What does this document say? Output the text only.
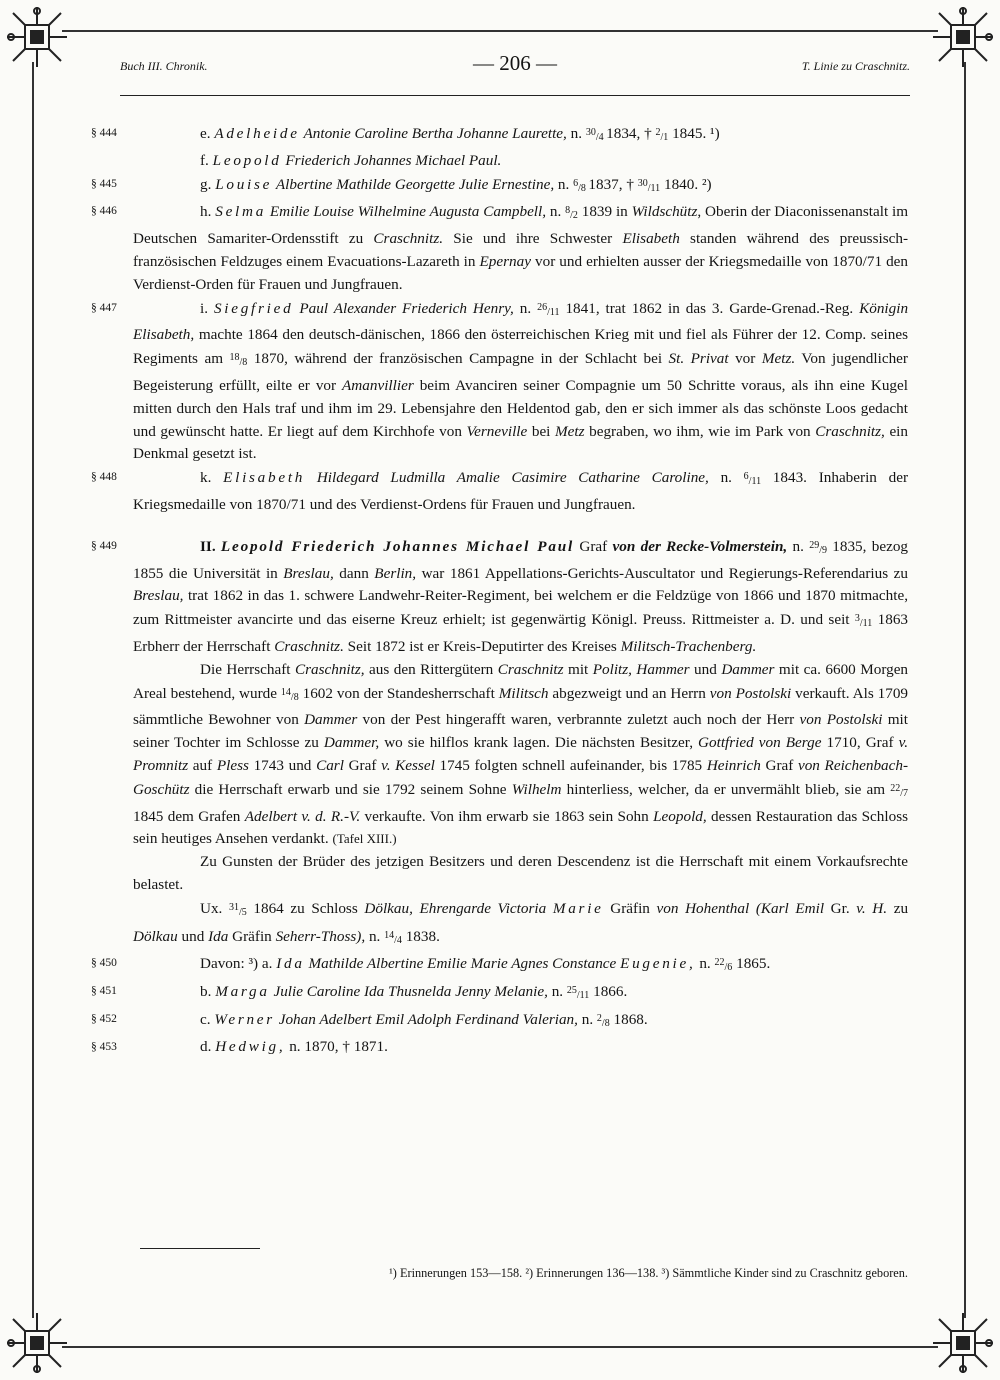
Buch III. Chronik.	— 206 —	T. Linie zu Craschnitz.

§ 444	e. Adelheide Antonie Caroline Bertha Johanne Laurette, n. 30/4 1834, † 2/1 1845. ¹)

f. Leopold Friederich Johannes Michael Paul.

§ 445	g. Louise Albertine Mathilde Georgette Julie Ernestine, n. 6/8 1837, † 30/11 1840. ²)

§ 446	h. Selma Emilie Louise Wilhelmine Augusta Campbell, n. 8/2 1839 in Wildschütz, Oberin der Diaconissenanstalt im Deutschen Samariter-Ordensstift zu Craschnitz. Sie und ihre Schwester Elisabeth standen während des preussisch-französischen Feldzuges einem Evacuations-Lazareth in Epernay vor und erhielten ausser der Kriegsmedaille von 1870/71 den Verdienst-Orden für Frauen und Jungfrauen.

§ 447	i. Siegfried Paul Alexander Friederich Henry, n. 26/11 1841, trat 1862 in das 3. Garde-Grenad.-Reg. Königin Elisabeth, machte 1864 den deutsch-dänischen, 1866 den österreichischen Krieg mit und fiel als Führer der 12. Comp. seines Regiments am 18/8 1870, während der französischen Campagne in der Schlacht bei St. Privat vor Metz. Von jugendlicher Begeisterung erfüllt, eilte er vor Amanvillier beim Avanciren seiner Compagnie um 50 Schritte voraus, als ihn eine Kugel mitten durch den Hals traf und ihm im 29. Lebensjahre den Heldentod gab, den er sich immer als das schönste Loos gedacht und gewünscht hatte. Er liegt auf dem Kirchhofe von Verneville bei Metz begraben, wo ihm, wie im Park von Craschnitz, ein Denkmal gesetzt ist.

§ 448	k. Elisabeth Hildegard Ludmilla Amalie Casimire Catharine Caroline, n. 6/11 1843. Inhaberin der Kriegsmedaille von 1870/71 und des Verdienst-Ordens für Frauen und Jungfrauen.

§ 449	II. Leopold Friederich Johannes Michael Paul Graf von der Recke-Volmerstein, n. 29/9 1835, bezog 1855 die Universität in Breslau, dann Berlin, war 1861 Appellations-Gerichts-Auscultator und Regierungs-Referendarius zu Breslau, trat 1862 in das 1. schwere Landwehr-Reiter-Regiment, bei welchem er die Feldzüge von 1866 und 1870 mitmachte, zum Rittmeister avancirte und das eiserne Kreuz erhielt; ist gegenwärtig Königl. Preuss. Rittmeister a. D. und seit 3/11 1863 Erbherr der Herrschaft Craschnitz. Seit 1872 ist er Kreis-Deputirter des Kreises Militsch-Trachenberg.

Die Herrschaft Craschnitz, aus den Rittergütern Craschnitz mit Politz, Hammer und Dammer mit ca. 6600 Morgen Areal bestehend, wurde 14/8 1602 von der Standesherrschaft Militsch abgezweigt und an Herrn von Postolski verkauft. Als 1709 sämmtliche Bewohner von Dammer von der Pest hingerafft waren, verbrannte zuletzt auch noch der Herr von Postolski mit seiner Tochter im Schlosse zu Dammer, wo sie hilflos krank lagen. Die nächsten Besitzer, Gottfried von Berge 1710, Graf v. Promnitz auf Pless 1743 und Carl Graf v. Kessel 1745 folgten schnell aufeinander, bis 1785 Heinrich Graf von Reichenbach-Goschütz die Herrschaft erwarb und sie 1792 seinem Sohne Wilhelm hinterliess, welcher, da er unvermählt blieb, sie am 22/7 1845 dem Grafen Adelbert v. d. R.-V. verkaufte. Von ihm erwarb sie 1863 sein Sohn Leopold, dessen Restauration das Schloss sein heutiges Ansehen verdankt. (Tafel XIII.)

Zu Gunsten der Brüder des jetzigen Besitzers und deren Descendenz ist die Herrschaft mit einem Vorkaufsrechte belastet.

Ux. 31/5 1864 zu Schloss Dölkau, Ehrengarde Victoria Marie Gräfin von Hohenthal (Karl Emil Gr. v. H. zu Dölkau und Ida Gräfin Seherr-Thoss), n. 14/4 1838.

§ 450	Davon: ³) a. Ida Mathilde Albertine Emilie Marie Agnes Constance Eugenie, n. 22/6 1865.

§ 451	b. Marga Julie Caroline Ida Thusnelda Jenny Melanie, n. 25/11 1866.

§ 452	c. Werner Johan Adelbert Emil Adolph Ferdinand Valerian, n. 2/8 1868.

§ 453	d. Hedwig, n. 1870, † 1871.

¹) Erinnerungen 153—158. ²) Erinnerungen 136—138. ³) Sämmtliche Kinder sind zu Craschnitz geboren.
